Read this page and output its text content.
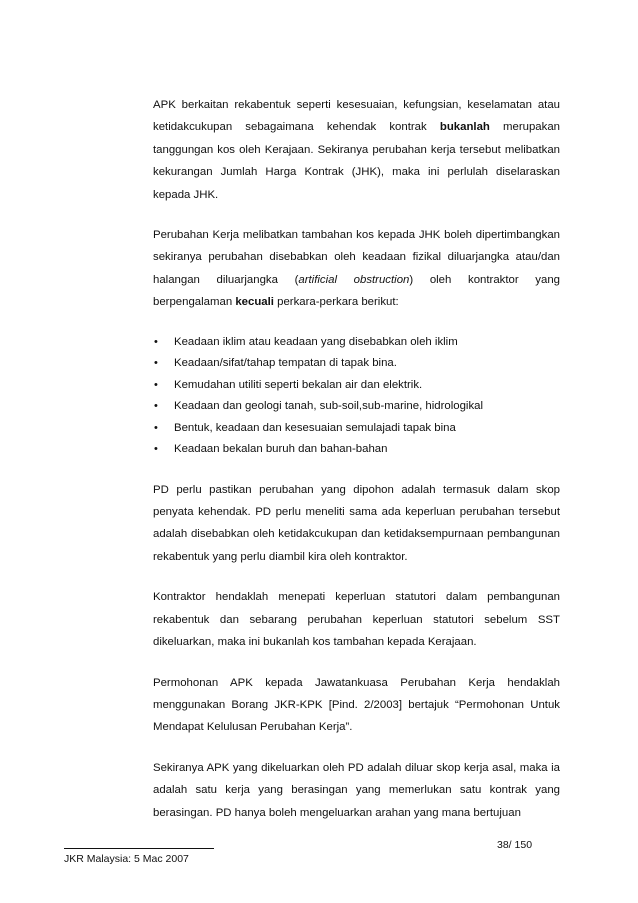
APK berkaitan rekabentuk seperti kesesuaian, kefungsian, keselamatan atau ketidakcukupan sebagaimana kehendak kontrak bukanlah merupakan tanggungan kos oleh Kerajaan. Sekiranya perubahan kerja tersebut melibatkan kekurangan Jumlah Harga Kontrak (JHK), maka ini perlulah diselaraskan kepada JHK.

Perubahan Kerja melibatkan tambahan kos kepada JHK boleh dipertimbangkan sekiranya perubahan disebabkan oleh keadaan fizikal diluarjangka atau/dan halangan diluarjangka (artificial obstruction) oleh kontraktor yang berpengalaman kecuali perkara-perkara berikut:

• Keadaan iklim atau keadaan yang disebabkan oleh iklim
• Keadaan/sifat/tahap tempatan di tapak bina.
• Kemudahan utiliti seperti bekalan air dan elektrik.
• Keadaan dan geologi tanah, sub-soil,sub-marine, hidrologikal
• Bentuk, keadaan dan kesesuaian semulajadi tapak bina
• Keadaan bekalan buruh dan bahan-bahan

PD perlu pastikan perubahan yang dipohon adalah termasuk dalam skop penyata kehendak. PD perlu meneliti sama ada keperluan perubahan tersebut adalah disebabkan oleh ketidakcukupan dan ketidaksempurnaan pembangunan rekabentuk yang perlu diambil kira oleh kontraktor.

Kontraktor hendaklah menepati keperluan statutori dalam pembangunan rekabentuk dan sebarang perubahan keperluan statutori sebelum SST dikeluarkan, maka ini bukanlah kos tambahan kepada Kerajaan.

Permohonan APK kepada Jawatankuasa Perubahan Kerja hendaklah menggunakan Borang JKR-KPK [Pind. 2/2003] bertajuk “Permohonan Untuk Mendapat Kelulusan Perubahan Kerja”.

Sekiranya APK yang dikeluarkan oleh PD adalah diluar skop kerja asal, maka ia adalah satu kerja yang berasingan yang memerlukan satu kontrak yang berasingan. PD hanya boleh mengeluarkan arahan yang mana bertujuan

38/ 150
JKR Malaysia: 5 Mac 2007
